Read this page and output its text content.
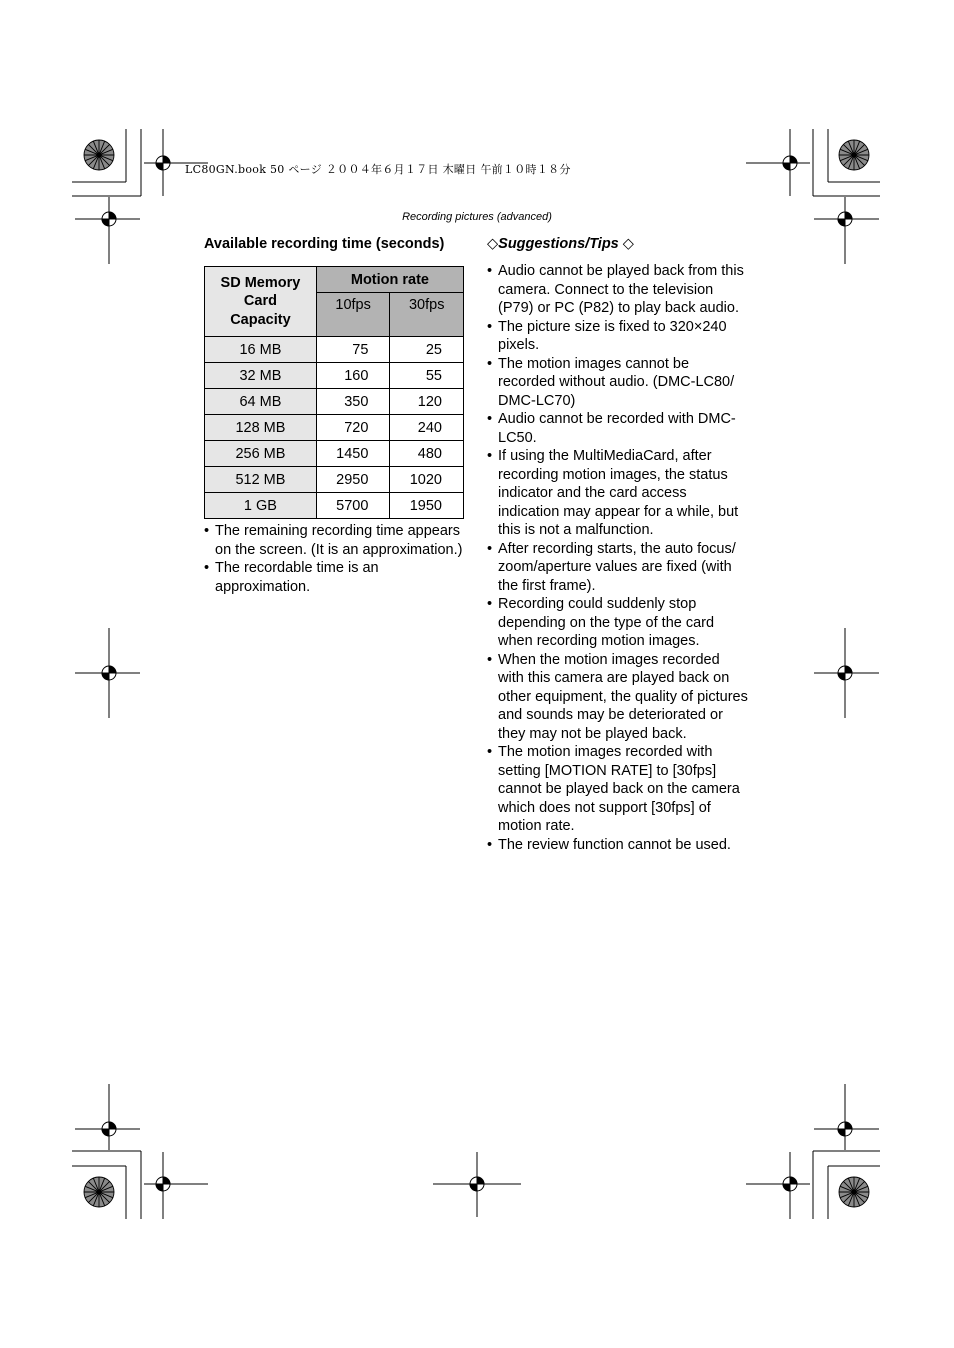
LC80GN.book 50 ページ ２００４年６月１７日 木曜日 午前１０時１８分
Recording pictures (advanced)
Available recording time (seconds)
SD Memory
Card
Capacity	Motion rate	
	10fps	30fps
16 MB	75	25
32 MB	160	55
64 MB	350	120
128 MB	720	240
256 MB	1450	480
512 MB	2950	1020
1 GB	5700	1950
• The remaining recording time appears on the screen. (It is an approximation.)
• The recordable time is an approximation.
◇Suggestions/Tips ◇
• Audio cannot be played back from this camera. Connect to the television (P79) or PC (P82) to play back audio.
• The picture size is fixed to 320×240 pixels.
• The motion images cannot be recorded without audio. (DMC-LC80/ DMC-LC70)
• Audio cannot be recorded with DMC-LC50.
• If using the MultiMediaCard, after recording motion images, the status indicator and the card access indication may appear for a while, but this is not a malfunction.
• After recording starts, the auto focus/ zoom/aperture values are fixed (with the first frame).
• Recording could suddenly stop depending on the type of the card when recording motion images.
• When the motion images recorded with this camera are played back on other equipment, the quality of pictures and sounds may be deteriorated or they may not be played back.
• The motion images recorded with setting [MOTION RATE] to [30fps] cannot be played back on the camera which does not support [30fps] of motion rate.
• The review function cannot be used.
